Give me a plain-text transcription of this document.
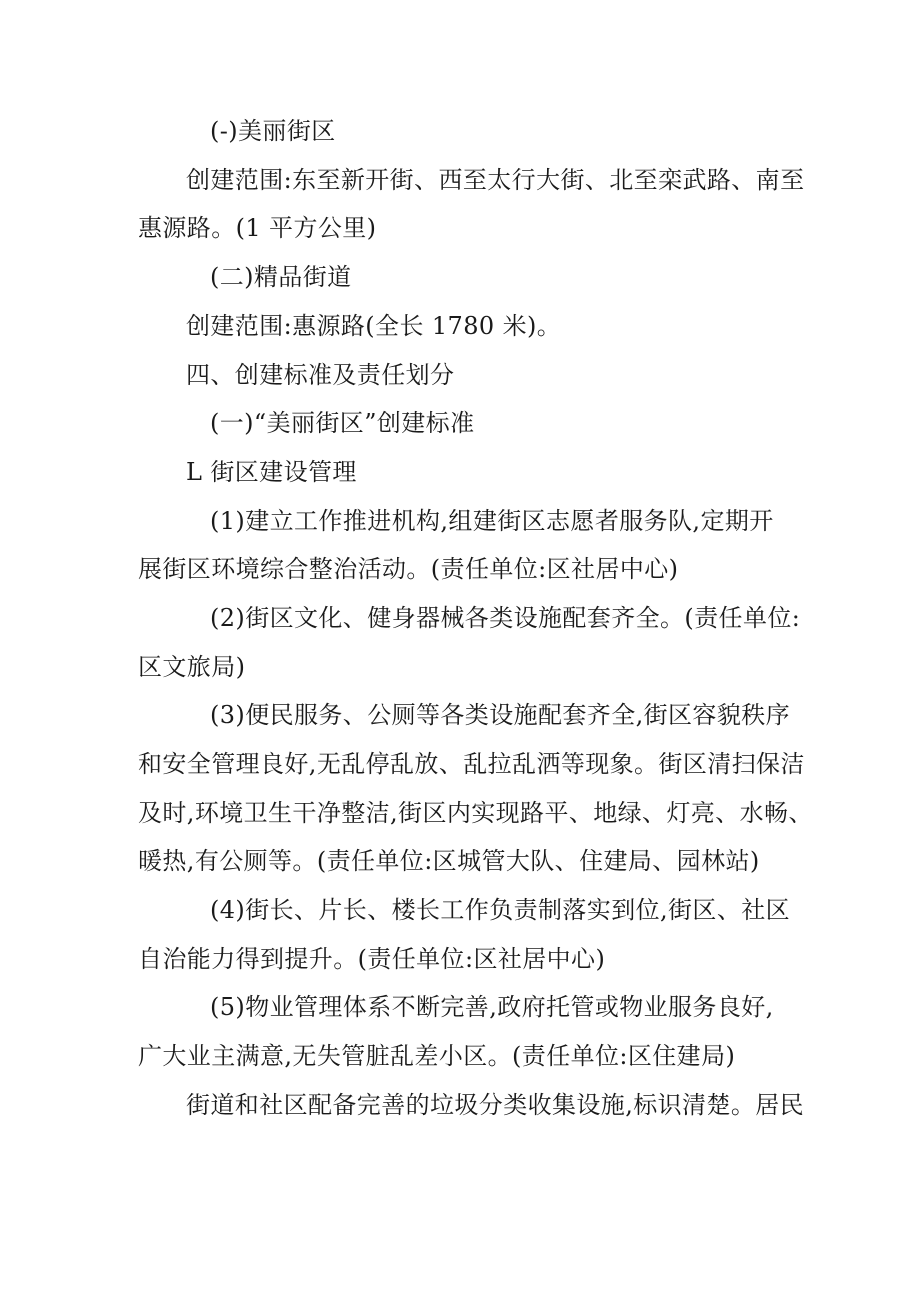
(-)美丽街区
创建范围:东至新开街、西至太行大街、北至栾武路、南至
惠源路。(1 平方公里)
(二)精品街道
创建范围:惠源路(全长 1780 米)。
四、创建标准及责任划分
(一)“美丽街区”创建标准
L 街区建设管理
(1)建立工作推进机构,组建街区志愿者服务队,定期开
展街区环境综合整治活动。(责任单位:区社居中心)
(2)街区文化、健身器械各类设施配套齐全。(责任单位:
区文旅局)
(3)便民服务、公厕等各类设施配套齐全,街区容貌秩序
和安全管理良好,无乱停乱放、乱拉乱洒等现象。街区清扫保洁
及时,环境卫生干净整洁,街区内实现路平、地绿、灯亮、水畅、
暖热,有公厕等。(责任单位:区城管大队、住建局、园林站)
(4)街长、片长、楼长工作负责制落实到位,街区、社区
自治能力得到提升。(责任单位:区社居中心)
(5)物业管理体系不断完善,政府托管或物业服务良好,
广大业主满意,无失管脏乱差小区。(责任单位:区住建局)
街道和社区配备完善的垃圾分类收集设施,标识清楚。居民
